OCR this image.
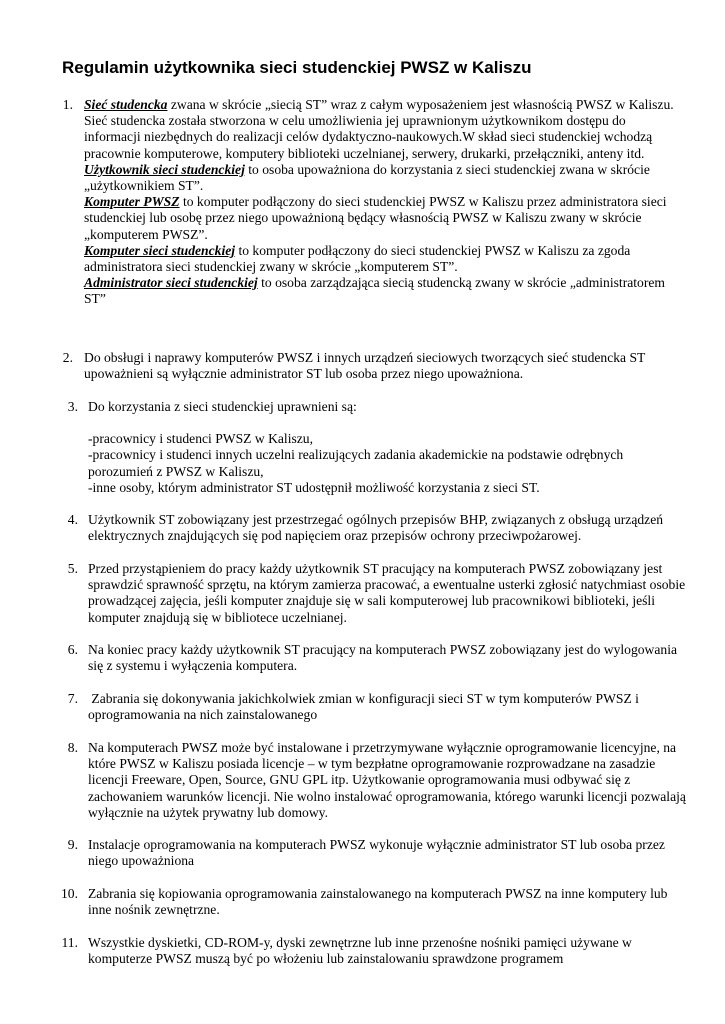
Regulamin użytkownika sieci studenckiej PWSZ w Kaliszu
1. Sieć studencka zwana w skrócie „siecią ST” wraz z całym wyposażeniem jest własnością PWSZ w Kaliszu.

Sieć studencka została stworzona w celu umożliwienia jej uprawnionym użytkownikom dostępu do informacji niezbędnych do realizacji celów dydaktyczno-naukowych.W skład sieci studenckiej wchodzą pracownie komputerowe, komputery biblioteki uczelnianej, serwery, drukarki, przełączniki, anteny itd.

Użytkownik sieci studenckiej to osoba upoważniona do korzystania z sieci studenckiej zwana w skrócie „użytkownikiem ST”.

Komputer PWSZ to komputer podłączony do sieci studenckiej PWSZ w Kaliszu przez administratora sieci studenckiej lub osobę przez niego upoważnioną będący własnością PWSZ w Kaliszu zwany w skrócie „komputerem PWSZ”.

Komputer sieci studenckiej to komputer podłączony do sieci studenckiej PWSZ w Kaliszu za zgoda administratora sieci studenckiej zwany w skrócie „komputerem ST”.

Administrator sieci studenckiej to osoba zarządzająca siecią studencką zwany w skrócie „administratorem ST”

2. Do obsługi i naprawy komputerów PWSZ i innych urządzeń sieciowych tworzących sieć studencka ST upoważnieni są wyłącznie administrator ST lub osoba przez niego upoważniona.
3. Do korzystania z sieci studenckiej uprawnieni są:

-pracownicy i studenci PWSZ w Kaliszu,

-pracownicy i studenci innych uczelni realizujących zadania akademickie na podstawie odrębnych porozumień z PWSZ w Kaliszu,

-inne osoby, którym administrator ST udostępnił możliwość korzystania z sieci ST.

4. Użytkownik ST zobowiązany jest przestrzegać ogólnych przepisów BHP, związanych z obsługą urządzeń elektrycznych znajdujących się pod napięciem oraz przepisów ochrony przeciwpożarowej.
5. Przed przystąpieniem do pracy każdy użytkownik ST pracujący na komputerach PWSZ zobowiązany jest sprawdzić sprawność sprzętu, na którym zamierza pracować, a ewentualne usterki zgłosić natychmiast osobie prowadzącej zajęcia, jeśli komputer znajduje się w sali komputerowej lub pracownikowi biblioteki, jeśli komputer znajdują się w bibliotece uczelnianej.
6. Na koniec pracy każdy użytkownik ST pracujący na komputerach PWSZ zobowiązany jest do wylogowania się z systemu i wyłączenia komputera.
7. Zabrania się dokonywania jakichkolwiek zmian w konfiguracji sieci ST w tym komputerów PWSZ i oprogramowania na nich zainstalowanego
8. Na komputerach PWSZ może być instalowane i przetrzymywane wyłącznie oprogramowanie licencyjne, na które PWSZ w Kaliszu posiada licencje – w tym bezpłatne oprogramowanie rozprowadzane na zasadzie licencji Freeware, Open, Source, GNU GPL itp. Użytkowanie oprogramowania musi odbywać się z zachowaniem warunków licencji. Nie wolno instalować oprogramowania, którego warunki licencji pozwalają wyłącznie na użytek prywatny lub domowy.
9. Instalacje oprogramowania na komputerach PWSZ wykonuje wyłącznie administrator ST lub osoba przez niego upoważniona
10. Zabrania się kopiowania oprogramowania zainstalowanego na komputerach PWSZ na inne komputery lub inne nośnik zewnętrzne.
11. Wszystkie dyskietki, CD-ROM-y, dyski zewnętrzne lub inne przenośne nośniki pamięci używane w komputerze PWSZ muszą być po włożeniu lub zainstalowaniu sprawdzone programem
